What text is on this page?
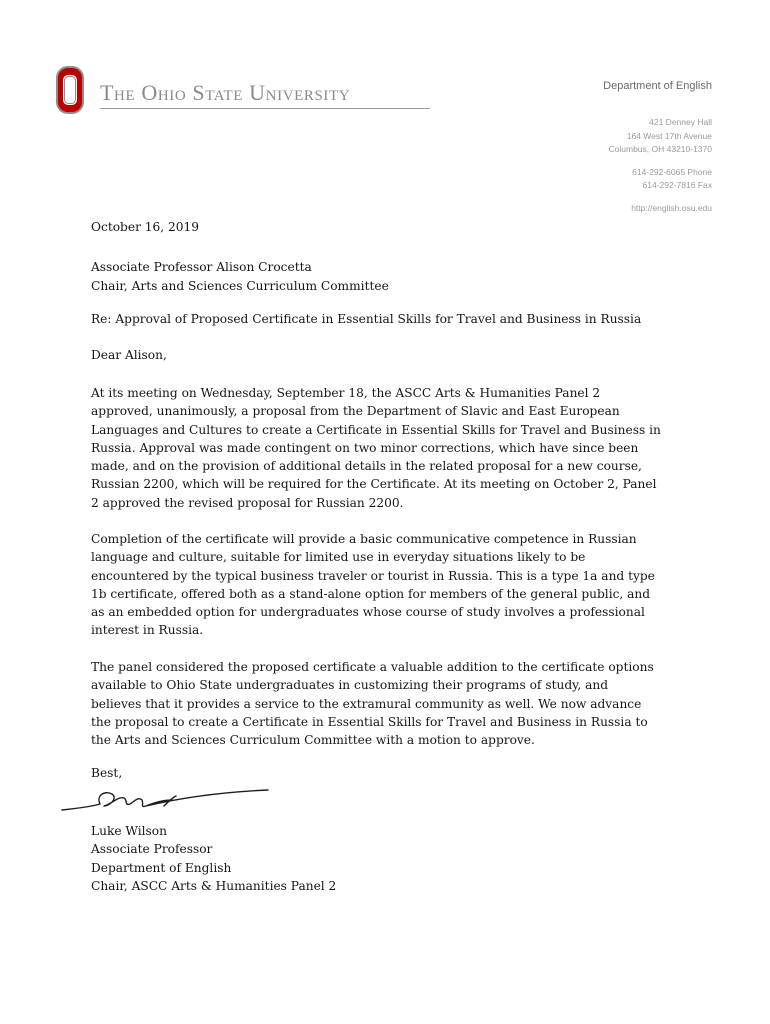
The Ohio State University	Department of English
421 Denney Hall
164 West 17th Avenue
Columbus, OH 43210-1370
614-292-6065 Phone
614-292-7816 Fax
http://english.osu.edu
October 16, 2019
Associate Professor Alison Crocetta
Chair, Arts and Sciences Curriculum Committee
Re: Approval of Proposed Certificate in Essential Skills for Travel and Business in Russia
Dear Alison,
At its meeting on Wednesday, September 18, the ASCC Arts & Humanities Panel 2
approved, unanimously, a proposal from the Department of Slavic and East European
Languages and Cultures to create a Certificate in Essential Skills for Travel and Business in
Russia. Approval was made contingent on two minor corrections, which have since been
made, and on the provision of additional details in the related proposal for a new course,
Russian 2200, which will be required for the Certificate. At its meeting on October 2, Panel
2 approved the revised proposal for Russian 2200.
Completion of the certificate will provide a basic communicative competence in Russian
language and culture, suitable for limited use in everyday situations likely to be
encountered by the typical business traveler or tourist in Russia. This is a type 1a and type
1b certificate, offered both as a stand-alone option for members of the general public, and
as an embedded option for undergraduates whose course of study involves a professional
interest in Russia.
The panel considered the proposed certificate a valuable addition to the certificate options
available to Ohio State undergraduates in customizing their programs of study, and
believes that it provides a service to the extramural community as well. We now advance
the proposal to create a Certificate in Essential Skills for Travel and Business in Russia to
the Arts and Sciences Curriculum Committee with a motion to approve.
Best,
Luke Wilson
Associate Professor
Department of English
Chair, ASCC Arts & Humanities Panel 2
